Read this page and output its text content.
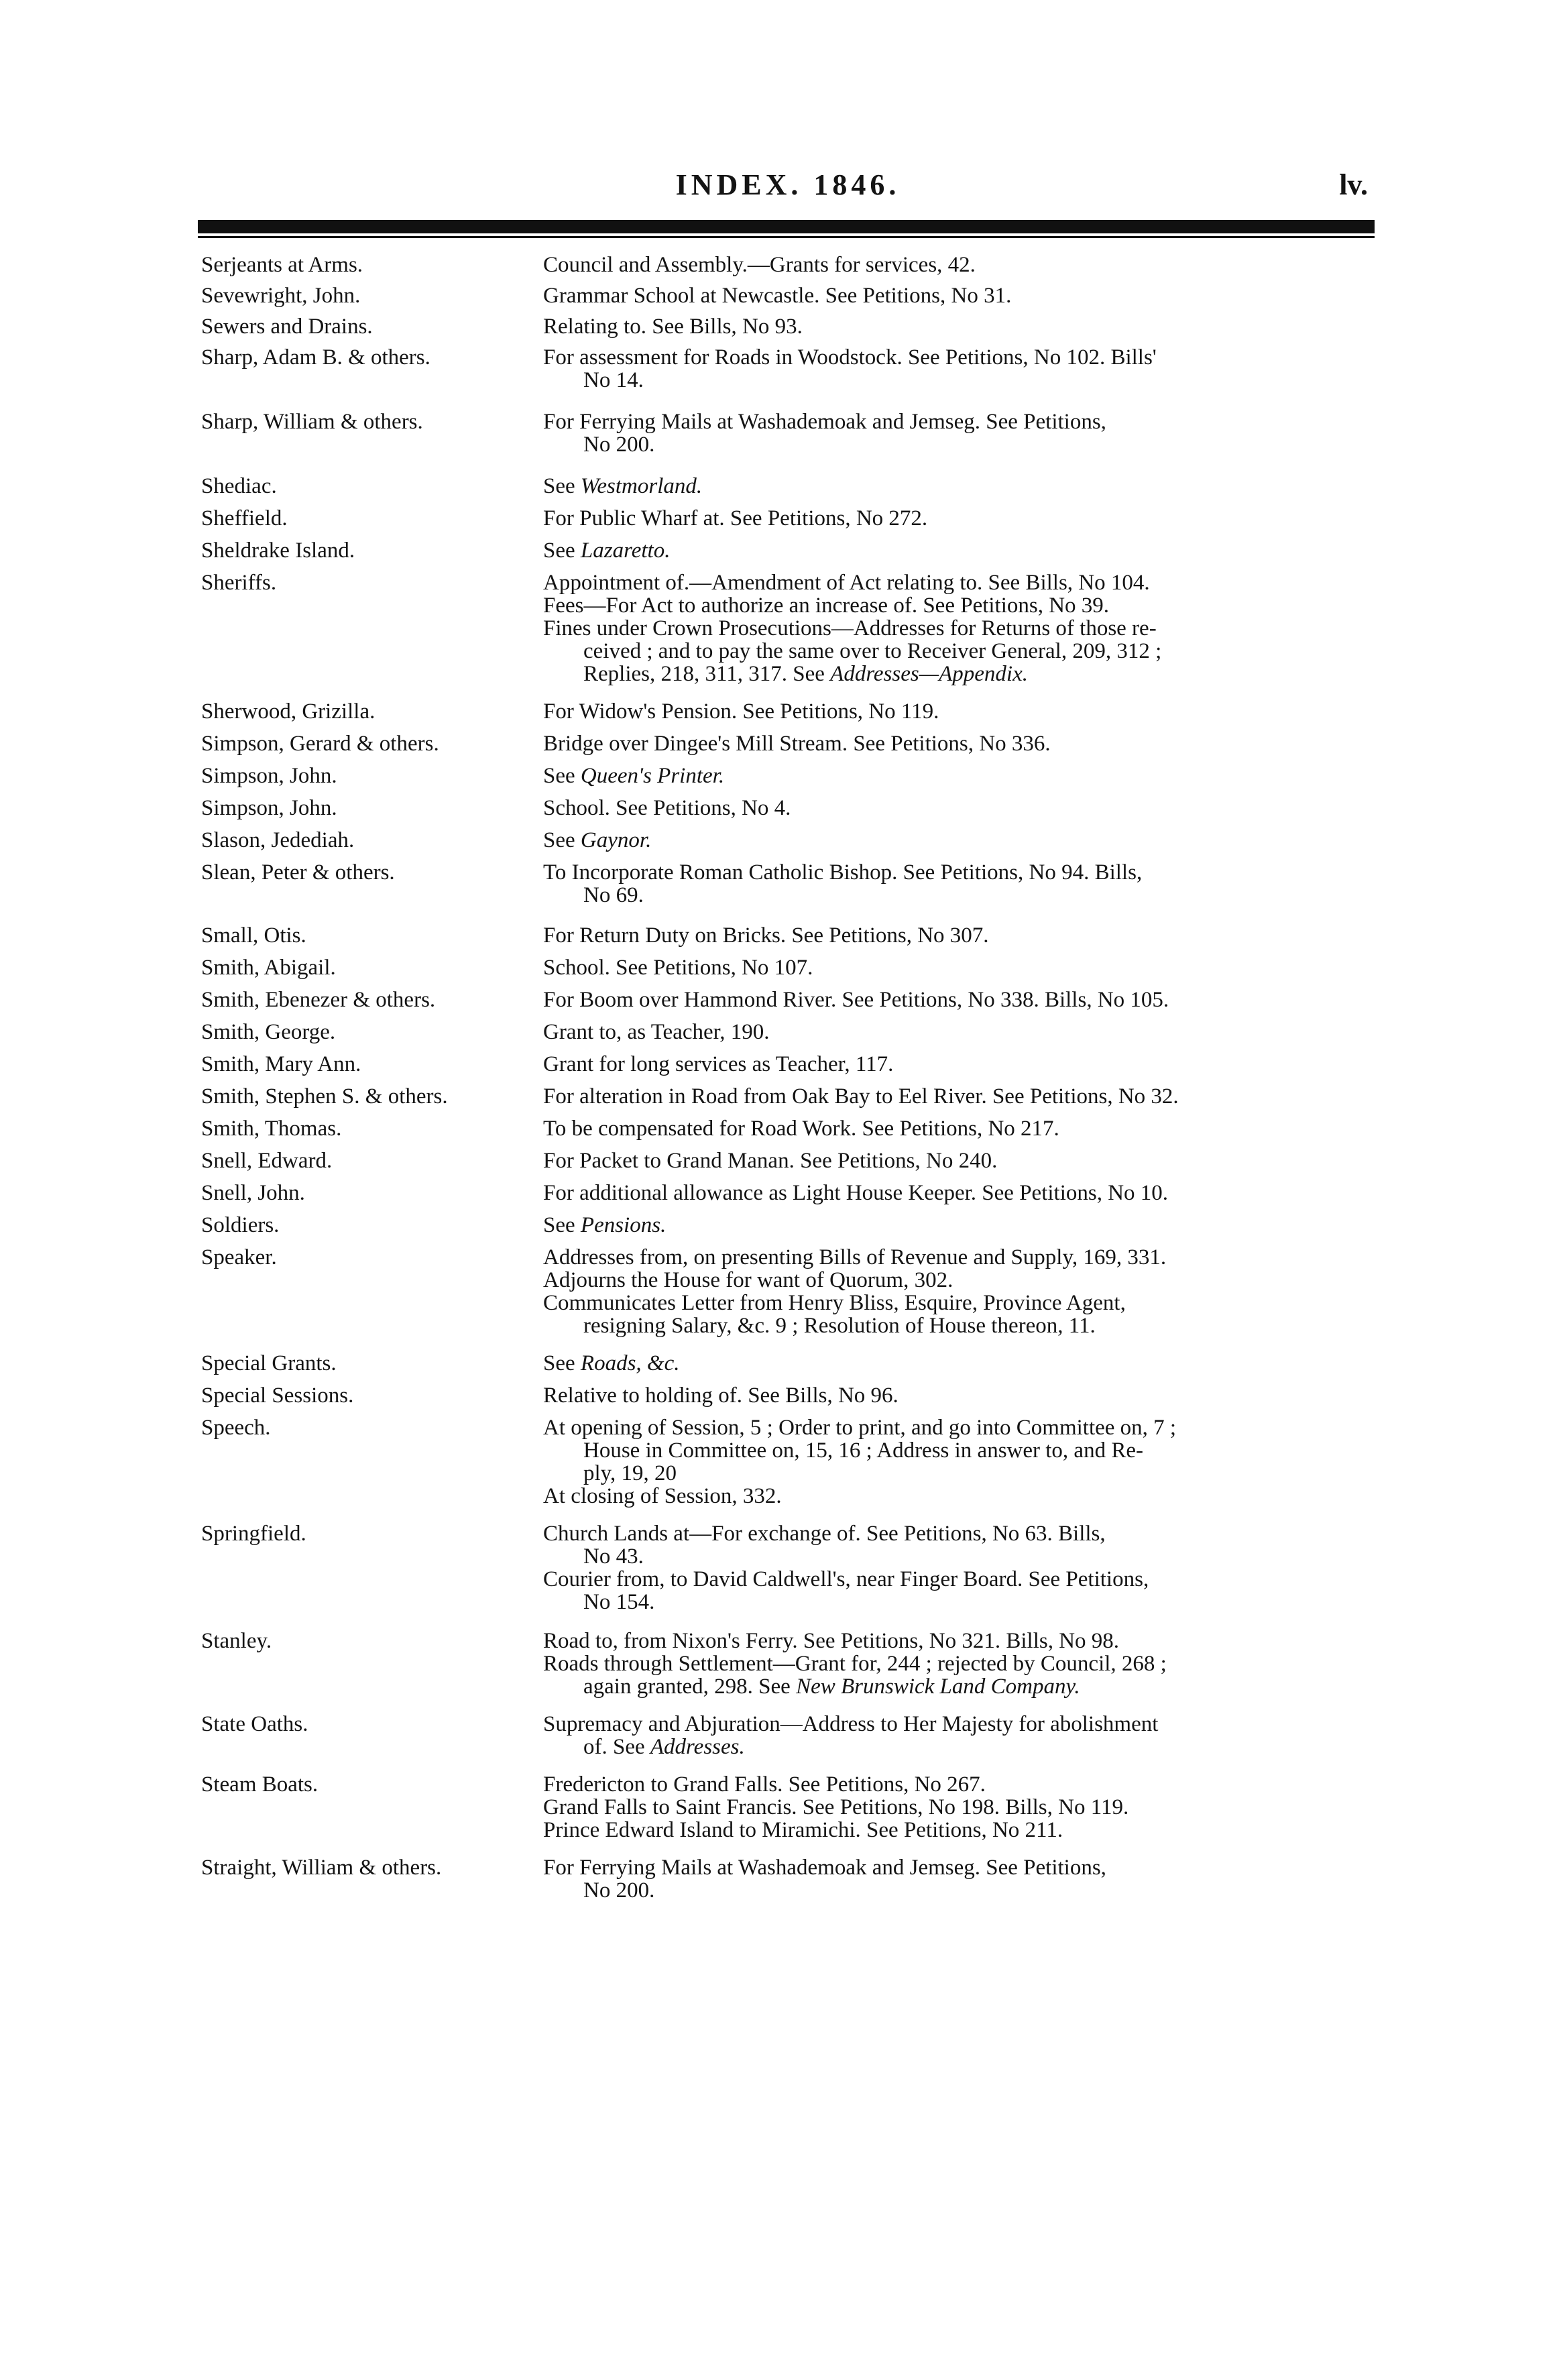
INDEX. 1846.	lv.
Serjeants at Arms.	Council and Assembly.—Grants for services, 42.
Sevewright, John.	Grammar School at Newcastle. See Petitions, No 31.
Sewers and Drains.	Relating to. See Bills, No 93.
Sharp, Adam B. & others.	For assessment for Roads in Woodstock. See Petitions, No 102. Bills'
No 14.
Sharp, William & others.	For Ferrying Mails at Washademoak and Jemseg. See Petitions,
No 200.
Shediac.	See Westmorland.
Sheffield.	For Public Wharf at. See Petitions, No 272.
Sheldrake Island.	See Lazaretto.
Sheriffs.	Appointment of.—Amendment of Act relating to. See Bills, No 104.
Fees—For Act to authorize an increase of. See Petitions, No 39.
Fines under Crown Prosecutions—Addresses for Returns of those re-
ceived ; and to pay the same over to Receiver General, 209, 312 ;
Replies, 218, 311, 317. See Addresses—Appendix.
Sherwood, Grizilla.	For Widow's Pension. See Petitions, No 119.
Simpson, Gerard & others.	Bridge over Dingee's Mill Stream. See Petitions, No 336.
Simpson, John.	See Queen's Printer.
Simpson, John.	School. See Petitions, No 4.
Slason, Jedediah.	See Gaynor.
Slean, Peter & others.	To Incorporate Roman Catholic Bishop. See Petitions, No 94. Bills,
No 69.
Small, Otis.	For Return Duty on Bricks. See Petitions, No 307.
Smith, Abigail.	School. See Petitions, No 107.
Smith, Ebenezer & others.	For Boom over Hammond River. See Petitions, No 338. Bills, No 105.
Smith, George.	Grant to, as Teacher, 190.
Smith, Mary Ann.	Grant for long services as Teacher, 117.
Smith, Stephen S. & others.	For alteration in Road from Oak Bay to Eel River. See Petitions, No 32.
Smith, Thomas.	To be compensated for Road Work. See Petitions, No 217.
Snell, Edward.	For Packet to Grand Manan. See Petitions, No 240.
Snell, John.	For additional allowance as Light House Keeper. See Petitions, No 10.
Soldiers.	See Pensions.
Speaker.	Addresses from, on presenting Bills of Revenue and Supply, 169, 331.
Adjourns the House for want of Quorum, 302.
Communicates Letter from Henry Bliss, Esquire, Province Agent,
resigning Salary, &c. 9 ; Resolution of House thereon, 11.
Special Grants.	See Roads, &c.
Special Sessions.	Relative to holding of. See Bills, No 96.
Speech.	At opening of Session, 5 ; Order to print, and go into Committee on, 7 ;
House in Committee on, 15, 16 ; Address in answer to, and Re-
ply, 19, 20
At closing of Session, 332.
Springfield.	Church Lands at—For exchange of. See Petitions, No 63. Bills,
No 43.
Courier from, to David Caldwell's, near Finger Board. See Petitions,
No 154.
Stanley.	Road to, from Nixon's Ferry. See Petitions, No 321. Bills, No 98.
Roads through Settlement—Grant for, 244 ; rejected by Council, 268 ;
again granted, 298. See New Brunswick Land Company.
State Oaths.	Supremacy and Abjuration—Address to Her Majesty for abolishment
of. See Addresses.
Steam Boats.	Fredericton to Grand Falls. See Petitions, No 267.
Grand Falls to Saint Francis. See Petitions, No 198. Bills, No 119.
Prince Edward Island to Miramichi. See Petitions, No 211.
Straight, William & others.	For Ferrying Mails at Washademoak and Jemseg. See Petitions,
No 200.
